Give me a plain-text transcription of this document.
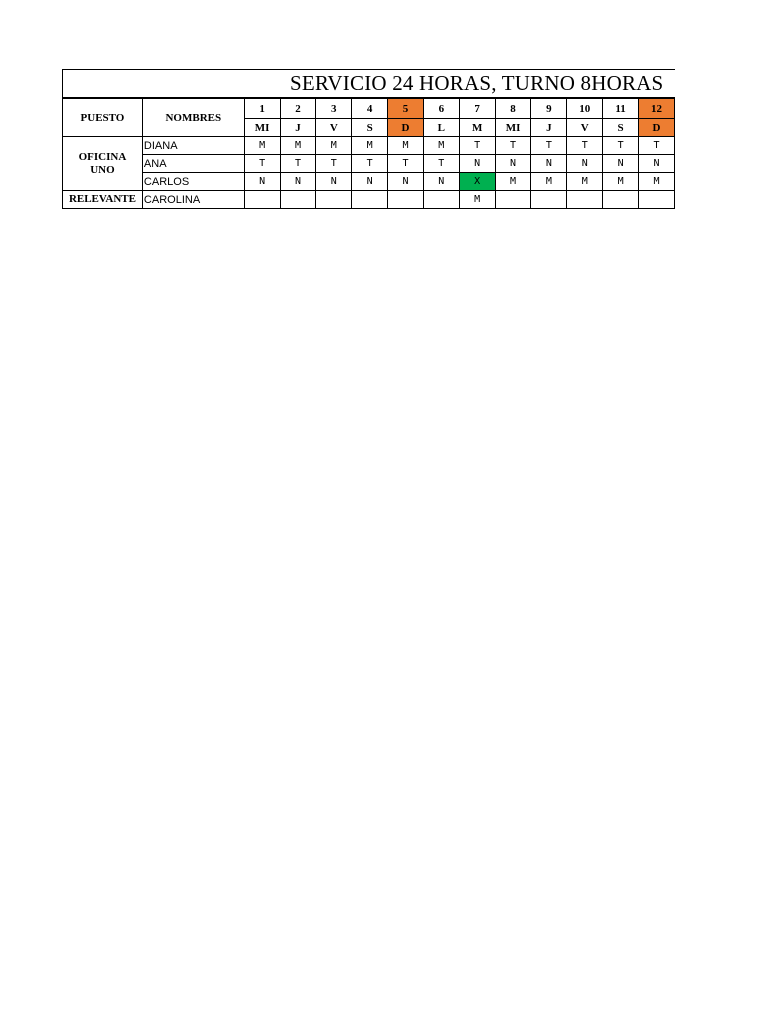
SERVICIO 24 HORAS, TURNO 8HORAS
PUESTO	NOMBRES	1	2	3	4	5	6	7	8	9	10	11	12
		MI	J	V	S	D	L	M	MI	J	V	S	D
OFICINA UNO	DIANA	M	M	M	M	M	M	T	T	T	T	T	T
	ANA	T	T	T	T	T	T	N	N	N	N	N	N
	CARLOS	N	N	N	N	N	N	X	M	M	M	M	M
RELEVANTE	CAROLINA							M					
